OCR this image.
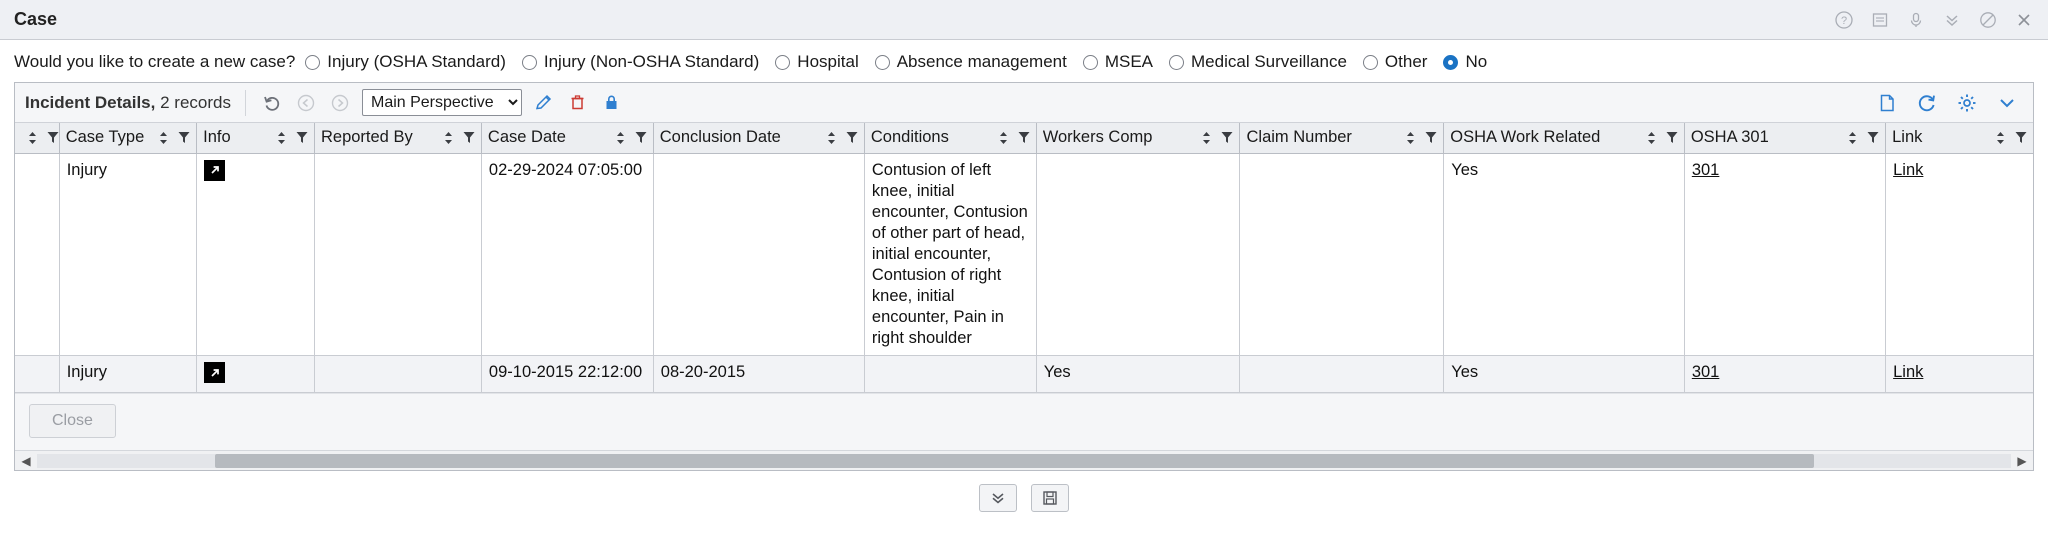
Case	?
Would you like to create a new case? Injury (OSHA Standard) Injury (Non-OSHA Standard) Hospital Absence management MSEA Medical Surveillance Other No
Incident Details, 2 records
Main Perspective

Case Type	Info	Reported By	Case Date	Conclusion Date	Conditions	Workers Comp	Claim Number	OSHA Work Related	OSHA 301	Link

	Injury			02-29-2024 07:05:00		Contusion of left knee, initial encounter, Contusion of other part of head, initial encounter, Contusion of right knee, initial encounter, Pain in right shoulder			Yes	301	Link
	Injury			09-10-2015 22:12:00	08-20-2015		Yes		Yes	301	Link
Close
◀	▶
